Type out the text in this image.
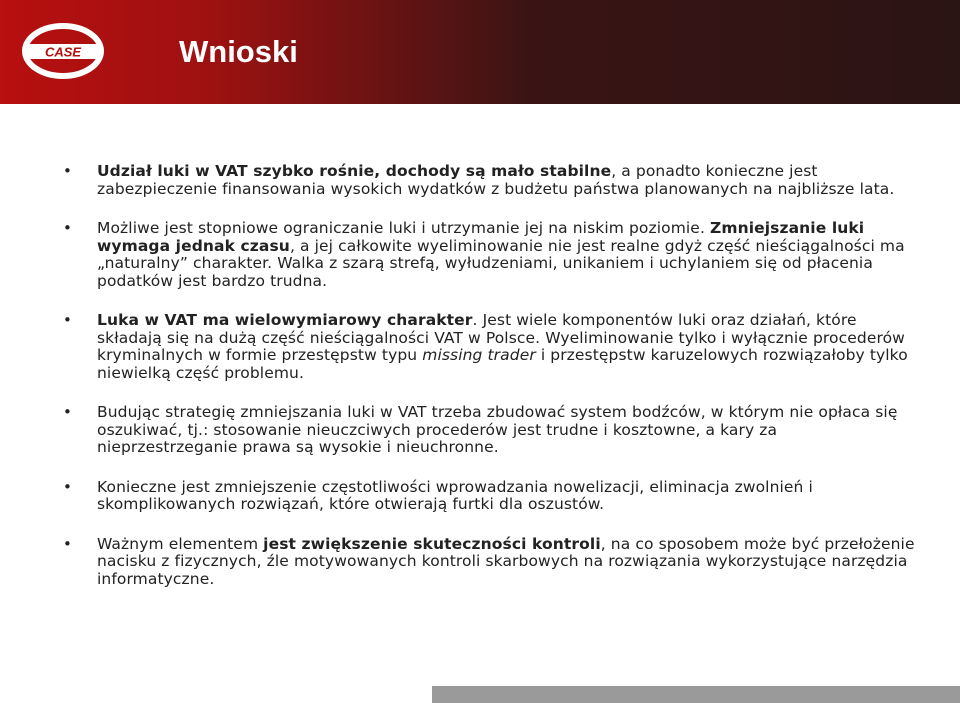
CASE	Wnioski
• Udział luki w VAT szybko rośnie, dochody są mało stabilne, a ponadto konieczne jest zabezpieczenie finansowania wysokich wydatków z budżetu państwa planowanych na najbliższe lata.
• Możliwe jest stopniowe ograniczanie luki i utrzymanie jej na niskim poziomie. Zmniejszanie luki wymaga jednak czasu, a jej całkowite wyeliminowanie nie jest realne gdyż część nieściągalności ma „naturalny” charakter. Walka z szarą strefą, wyłudzeniami, unikaniem i uchylaniem się od płacenia podatków jest bardzo trudna.
• Luka w VAT ma wielowymiarowy charakter. Jest wiele komponentów luki oraz działań, które składają się na dużą część nieściągalności VAT w Polsce. Wyeliminowanie tylko i wyłącznie procederów kryminalnych w formie przestępstw typu missing trader i przestępstw karuzelowych rozwiązałoby tylko niewielką część problemu.
• Budując strategię zmniejszania luki w VAT trzeba zbudować system bodźców, w którym nie opłaca się oszukiwać, tj.: stosowanie nieuczciwych procederów jest trudne i kosztowne, a kary za nieprzestrzeganie prawa są wysokie i nieuchronne.
• Konieczne jest zmniejszenie częstotliwości wprowadzania nowelizacji, eliminacja zwolnień i skomplikowanych rozwiązań, które otwierają furtki dla oszustów.
• Ważnym elementem jest zwiększenie skuteczności kontroli, na co sposobem może być przełożenie nacisku z fizycznych, źle motywowanych kontroli skarbowych na rozwiązania wykorzystujące narzędzia informatyczne.
